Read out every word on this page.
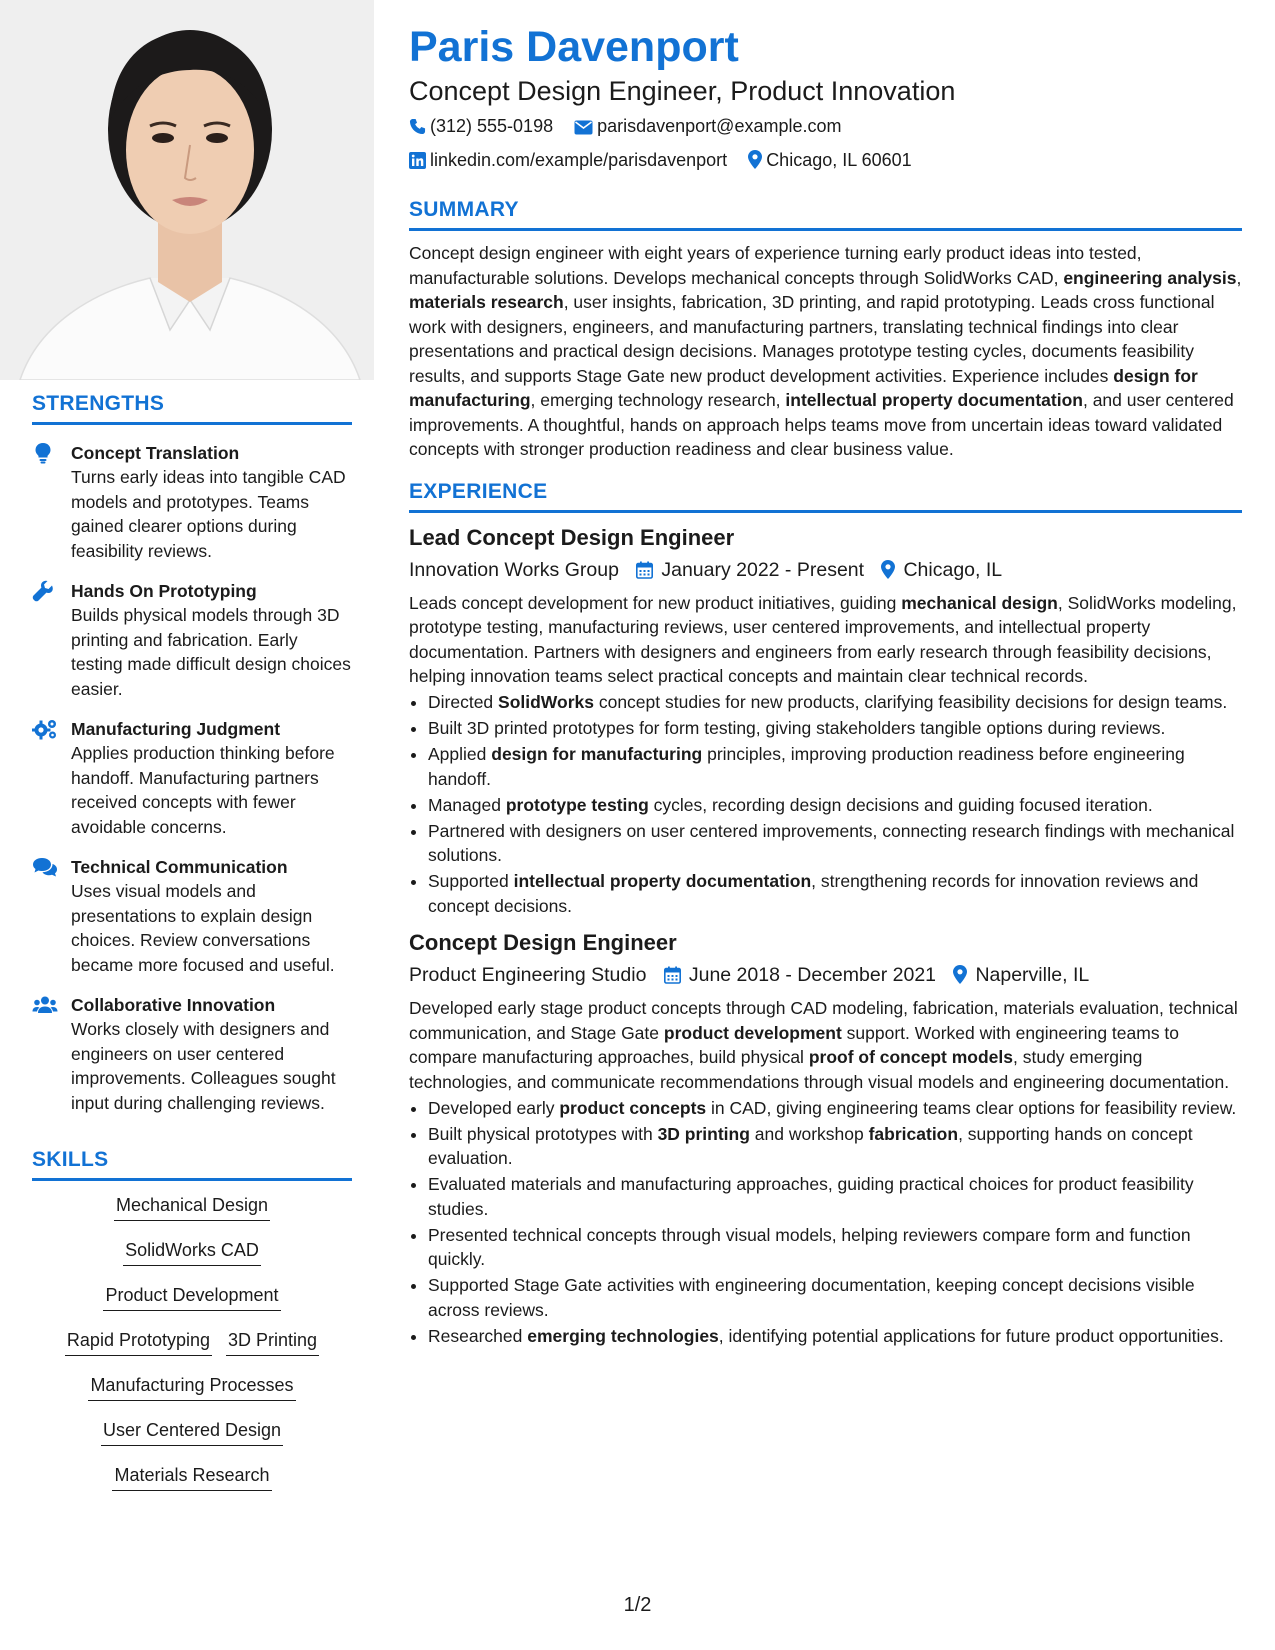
STRENGTHS
Concept Translation
Turns early ideas into tangible CAD models and prototypes. Teams gained clearer options during feasibility reviews.
Hands On Prototyping
Builds physical models through 3D printing and fabrication. Early testing made difficult design choices easier.
Manufacturing Judgment
Applies production thinking before handoff. Manufacturing partners received concepts with fewer avoidable concerns.
Technical Communication
Uses visual models and presentations to explain design choices. Review conversations became more focused and useful.
Collaborative Innovation
Works closely with designers and engineers on user centered improvements. Colleagues sought input during challenging reviews.
SKILLS
Mechanical Design
SolidWorks CAD
Product Development
Rapid Prototyping 3D Printing
Manufacturing Processes
User Centered Design
Materials Research
Paris Davenport
Concept Design Engineer, Product Innovation
(312) 555-0198 parisdavenport@example.com
linkedin.com/example/parisdavenport Chicago, IL 60601
SUMMARY

Concept design engineer with eight years of experience turning early product ideas into tested, manufacturable solutions. Develops mechanical concepts through SolidWorks CAD, engineering analysis, materials research, user insights, fabrication, 3D printing, and rapid prototyping. Leads cross functional work with designers, engineers, and manufacturing partners, translating technical findings into clear presentations and practical design decisions. Manages prototype testing cycles, documents feasibility results, and supports Stage Gate new product development activities. Experience includes design for manufacturing, emerging technology research, intellectual property documentation, and user centered improvements. A thoughtful, hands on approach helps teams move from uncertain ideas toward validated concepts with stronger production readiness and clear business value.

EXPERIENCE
Lead Concept Design Engineer
Innovation Works Group January 2022 - Present Chicago, IL

Leads concept development for new product initiatives, guiding mechanical design, SolidWorks modeling, prototype testing, manufacturing reviews, user centered improvements, and intellectual property documentation. Partners with designers and engineers from early research through feasibility decisions, helping innovation teams select practical concepts and maintain clear technical records.

• Directed SolidWorks concept studies for new products, clarifying feasibility decisions for design teams.
• Built 3D printed prototypes for form testing, giving stakeholders tangible options during reviews.
• Applied design for manufacturing principles, improving production readiness before engineering handoff.
• Managed prototype testing cycles, recording design decisions and guiding focused iteration.
• Partnered with designers on user centered improvements, connecting research findings with mechanical solutions.
• Supported intellectual property documentation, strengthening records for innovation reviews and concept decisions.
Concept Design Engineer
Product Engineering Studio June 2018 - December 2021 Naperville, IL

Developed early stage product concepts through CAD modeling, fabrication, materials evaluation, technical communication, and Stage Gate product development support. Worked with engineering teams to compare manufacturing approaches, build physical proof of concept models, study emerging technologies, and communicate recommendations through visual models and engineering documentation.

• Developed early product concepts in CAD, giving engineering teams clear options for feasibility review.
• Built physical prototypes with 3D printing and workshop fabrication, supporting hands on concept evaluation.
• Evaluated materials and manufacturing approaches, guiding practical choices for product feasibility studies.
• Presented technical concepts through visual models, helping reviewers compare form and function quickly.
• Supported Stage Gate activities with engineering documentation, keeping concept decisions visible across reviews.
• Researched emerging technologies, identifying potential applications for future product opportunities.
1/2
